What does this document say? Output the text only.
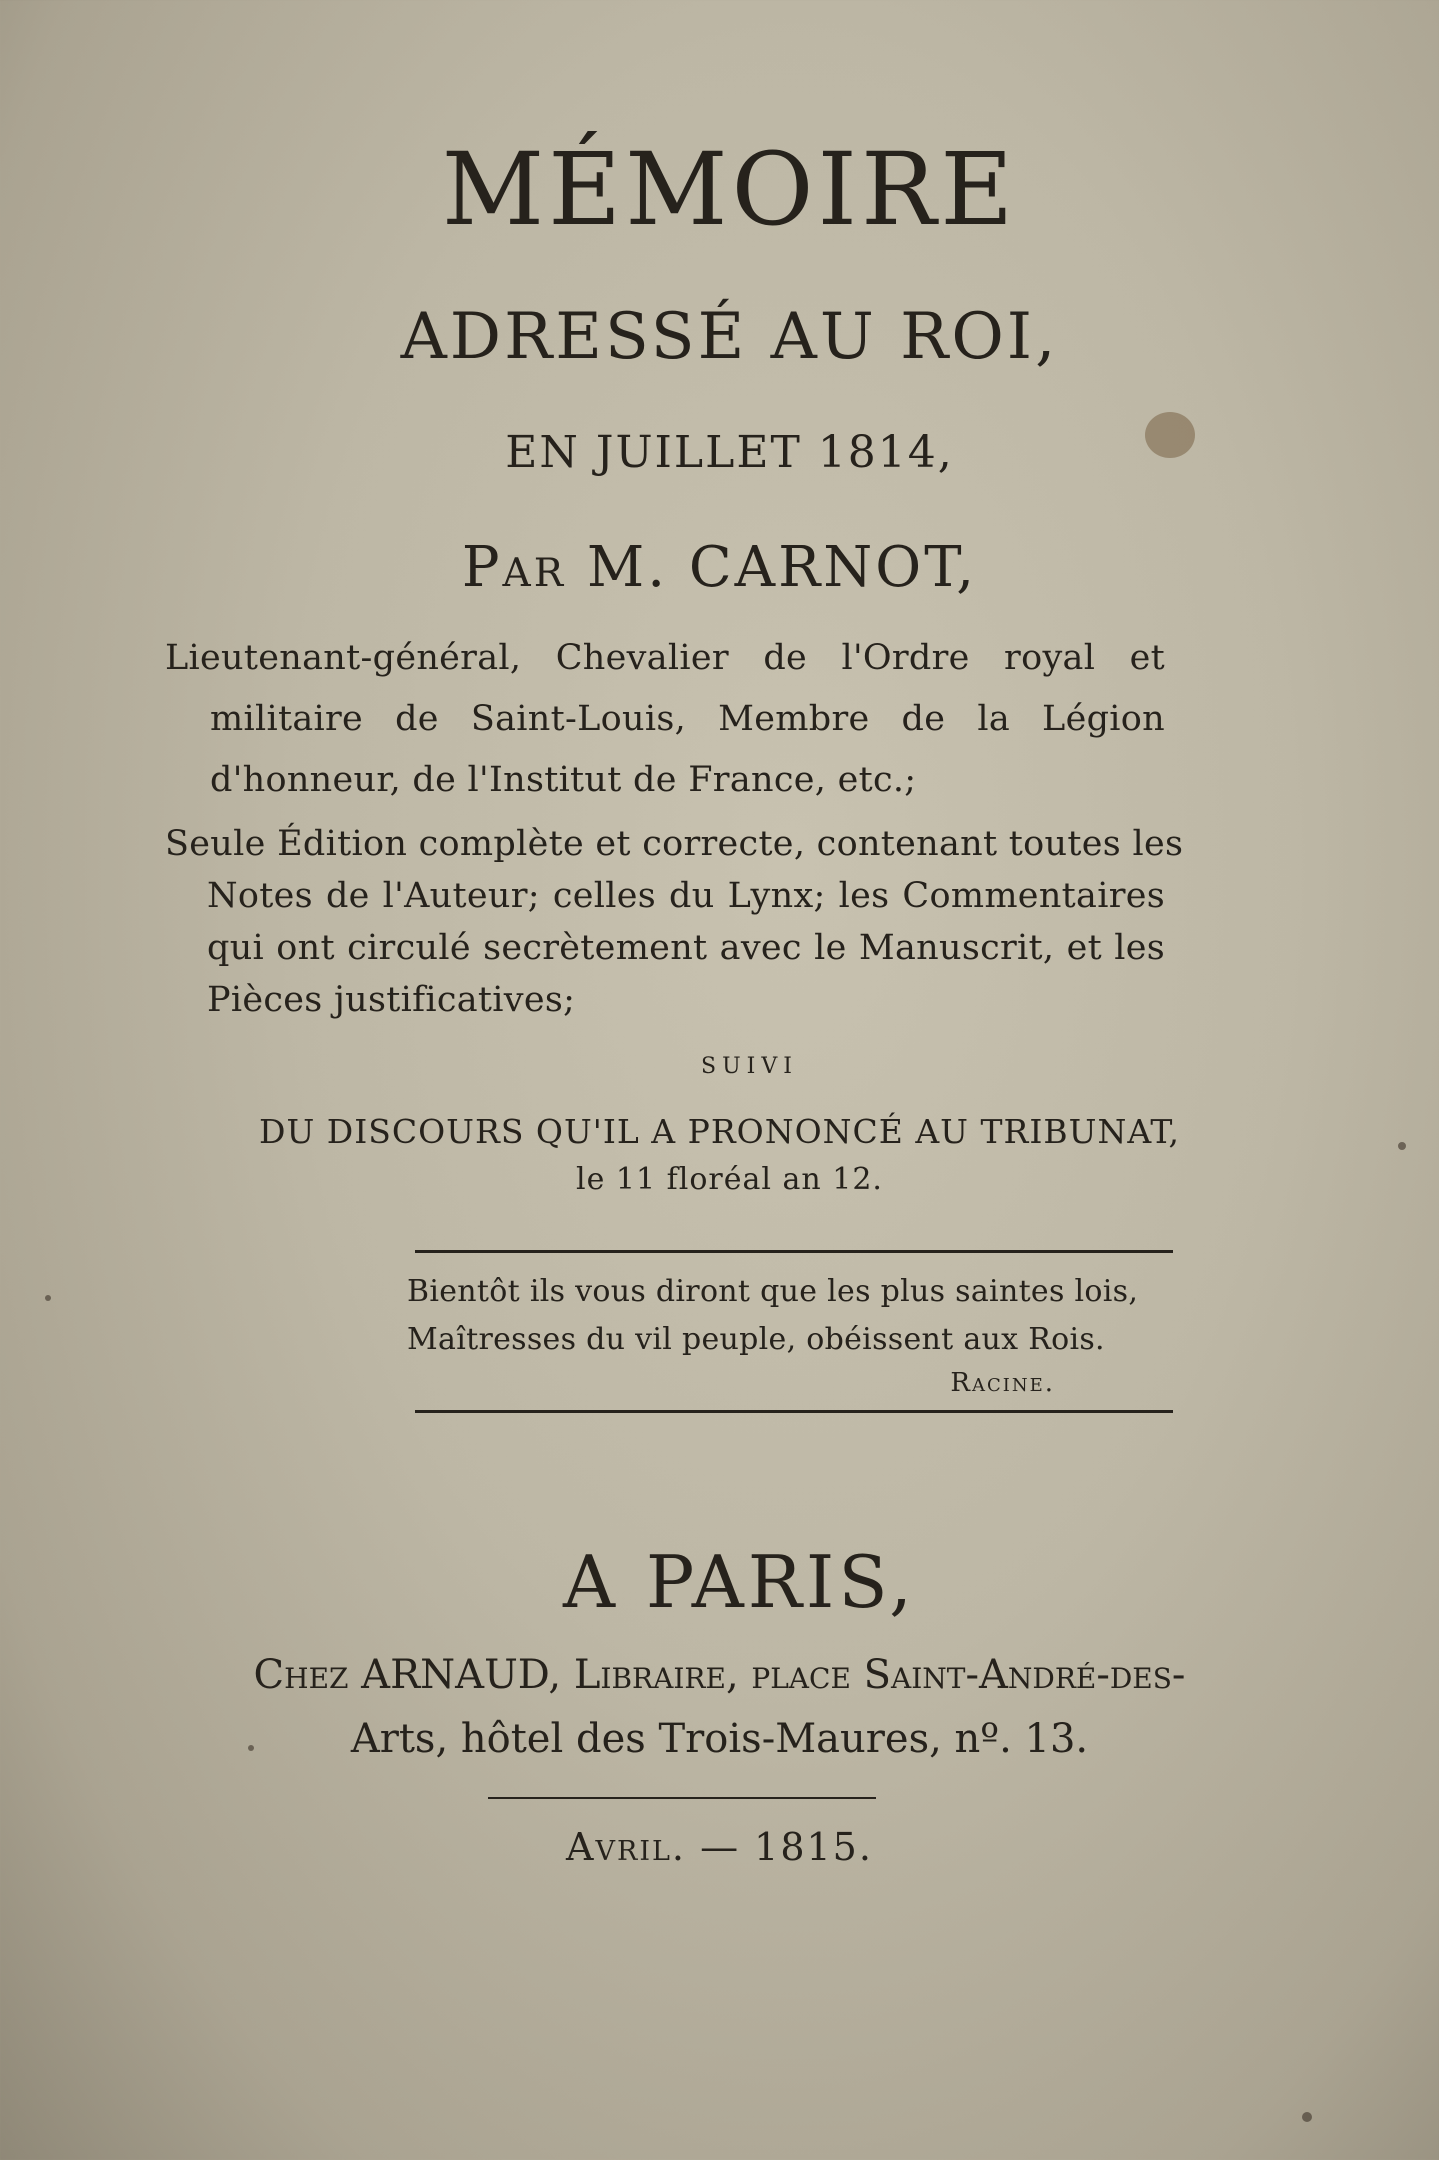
MÉMOIRE
ADRESSÉ AU ROI,
EN JUILLET 1814,
Par M. CARNOT,
Lieutenant-général, Chevalier de l'Ordre royal et
militaire de Saint-Louis, Membre de la Légion
d'honneur, de l'Institut de France, etc.;
Seule Édition complète et correcte, contenant toutes les
Notes de l'Auteur; celles du Lynx; les Commentaires
qui ont circulé secrètement avec le Manuscrit, et les
Pièces justificatives;
SUIVI
DU DISCOURS QU'IL A PRONONCÉ AU TRIBUNAT,
le 11 floréal an 12.
Bientôt ils vous diront que les plus saintes lois,
Maîtresses du vil peuple, obéissent aux Rois.
Racine.
A PARIS,
Chez ARNAUD, Libraire, place Saint-André-des-
Arts, hôtel des Trois-Maures, nº. 13.
Avril. — 1815.
